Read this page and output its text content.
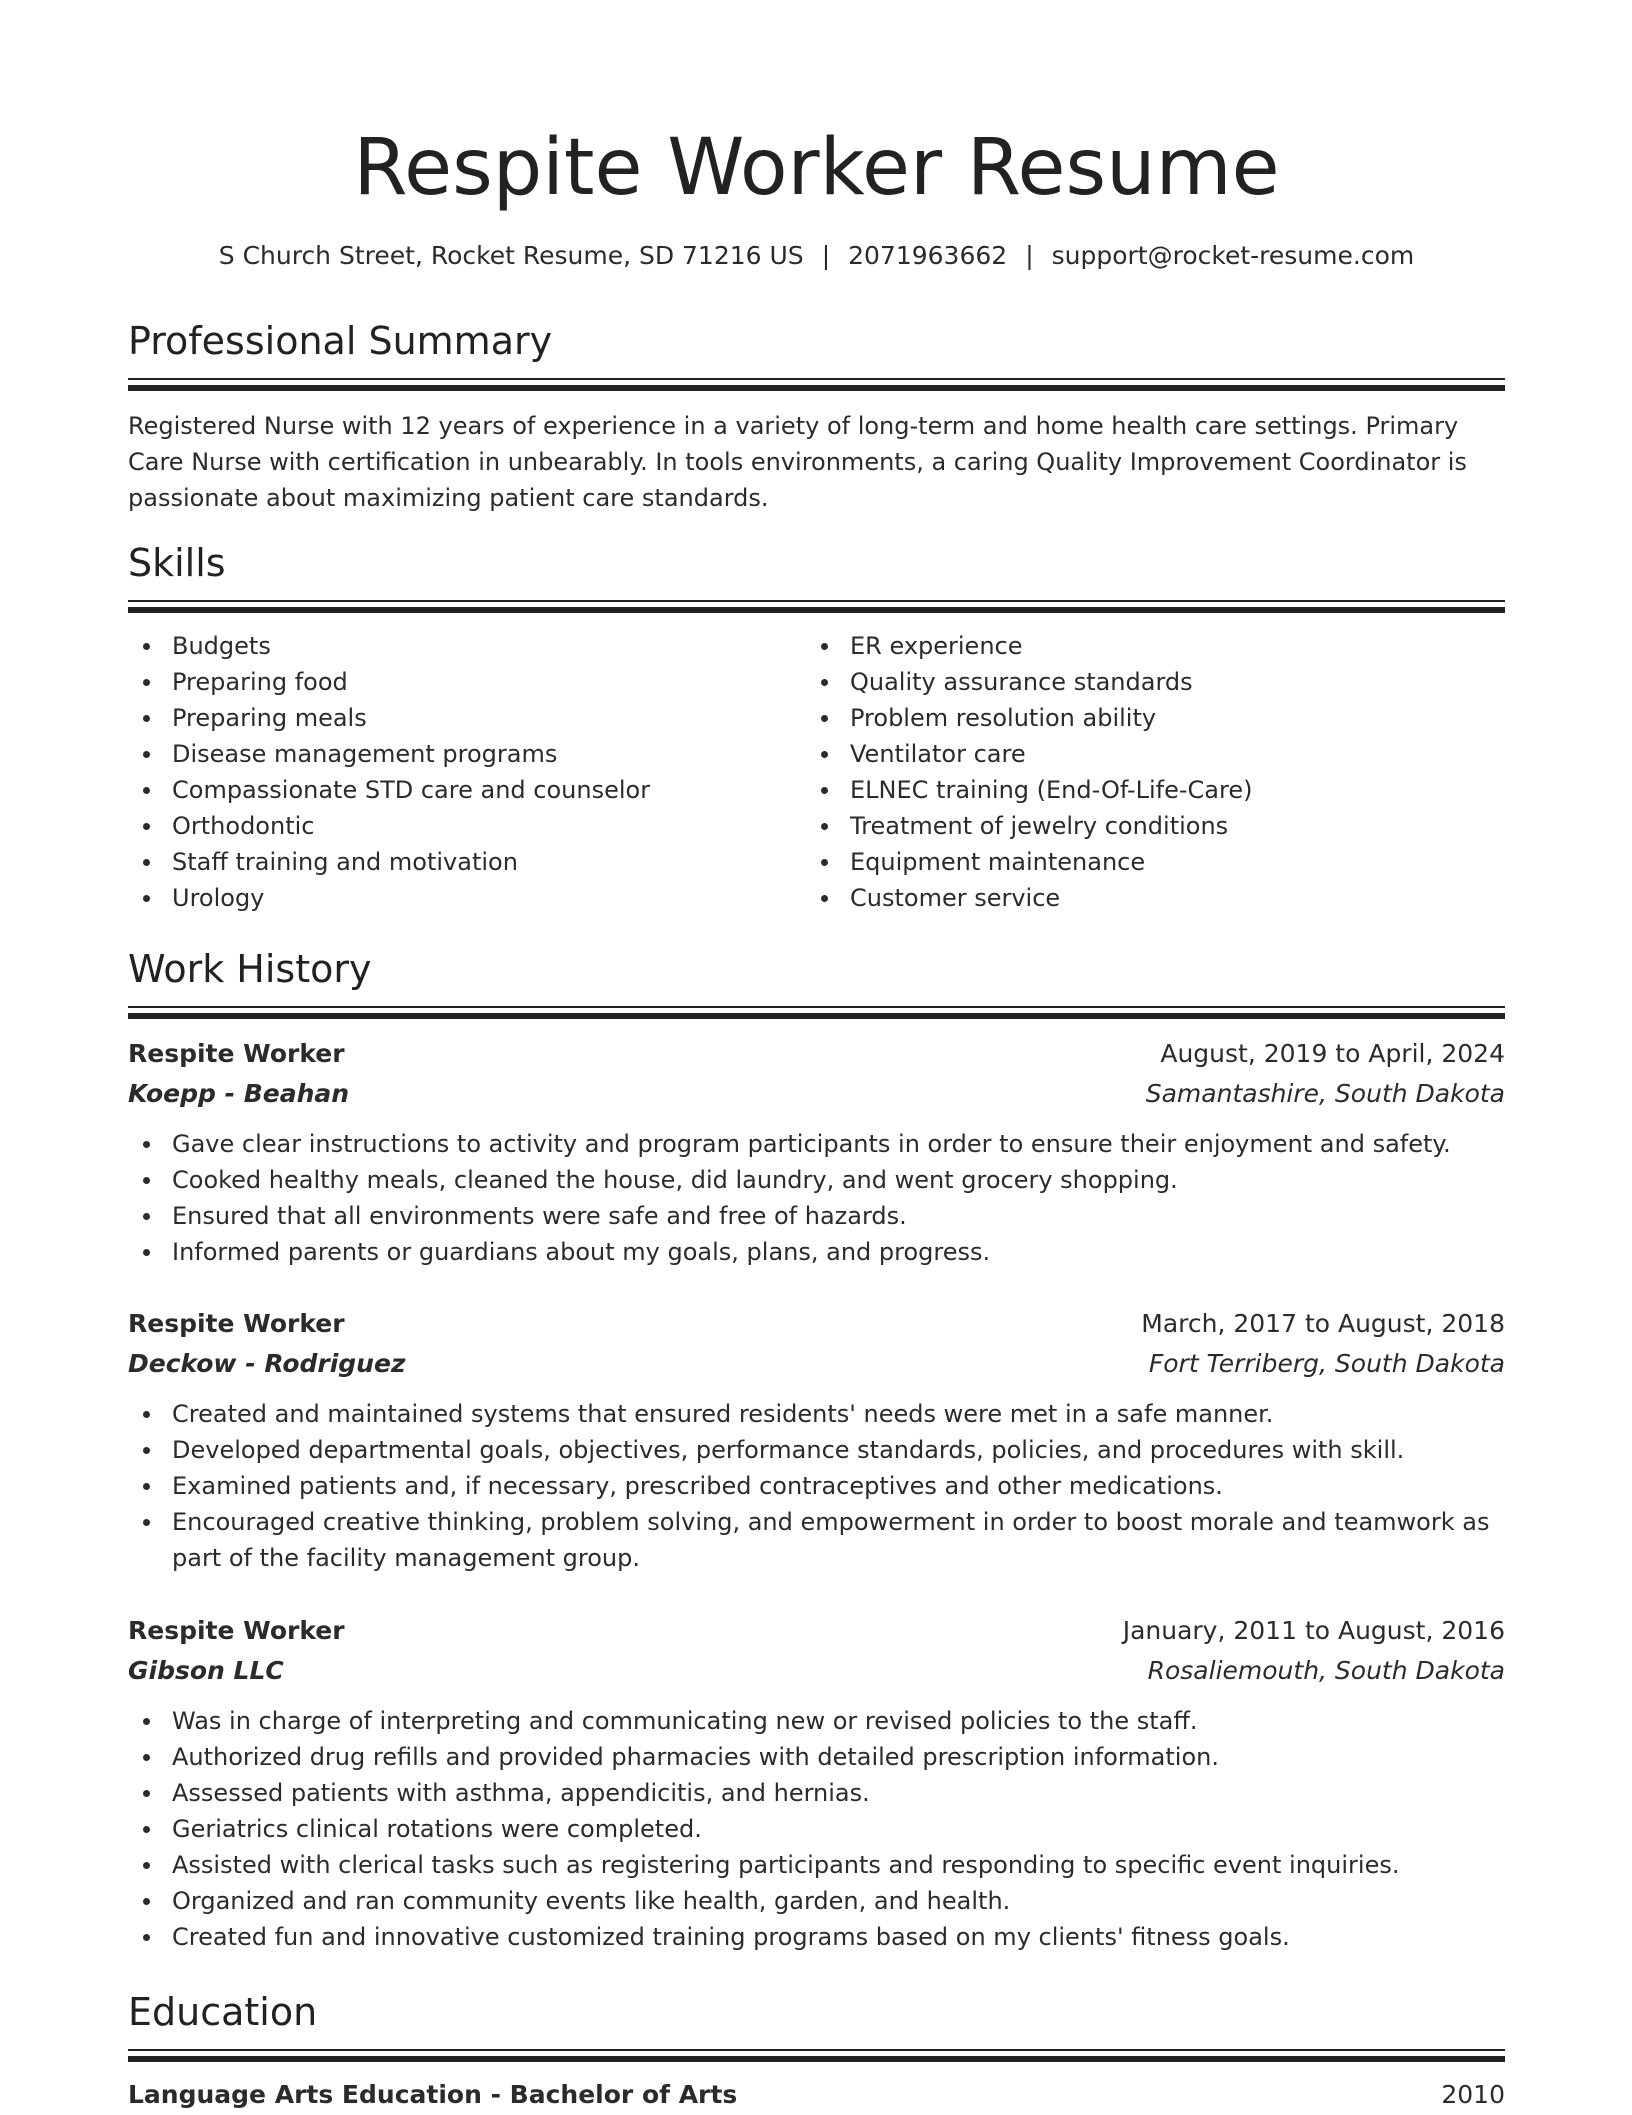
Respite Worker Resume
S Church Street, Rocket Resume, SD 71216 US | 2071963662 | support@rocket-resume.com
Professional Summary
Registered Nurse with 12 years of experience in a variety of long-term and home health care settings. Primary Care Nurse with certification in unbearably. In tools environments, a caring Quality Improvement Coordinator is passionate about maximizing patient care standards.
Skills
Budgets
Preparing food
Preparing meals
Disease management programs
Compassionate STD care and counselor
Orthodontic
Staff training and motivation
Urology
ER experience
Quality assurance standards
Problem resolution ability
Ventilator care
ELNEC training (End-Of-Life-Care)
Treatment of jewelry conditions
Equipment maintenance
Customer service
Work History
Respite Worker	August, 2019 to April, 2024
Koepp - Beahan	Samantashire, South Dakota
Gave clear instructions to activity and program participants in order to ensure their enjoyment and safety.
Cooked healthy meals, cleaned the house, did laundry, and went grocery shopping.
Ensured that all environments were safe and free of hazards.
Informed parents or guardians about my goals, plans, and progress.
Respite Worker	March, 2017 to August, 2018
Deckow - Rodriguez	Fort Terriberg, South Dakota
Created and maintained systems that ensured residents' needs were met in a safe manner.
Developed departmental goals, objectives, performance standards, policies, and procedures with skill.
Examined patients and, if necessary, prescribed contraceptives and other medications.
Encouraged creative thinking, problem solving, and empowerment in order to boost morale and teamwork as part of the facility management group.
Respite Worker	January, 2011 to August, 2016
Gibson LLC	Rosaliemouth, South Dakota
Was in charge of interpreting and communicating new or revised policies to the staff.
Authorized drug refills and provided pharmacies with detailed prescription information.
Assessed patients with asthma, appendicitis, and hernias.
Geriatrics clinical rotations were completed.
Assisted with clerical tasks such as registering participants and responding to specific event inquiries.
Organized and ran community events like health, garden, and health.
Created fun and innovative customized training programs based on my clients' fitness goals.
Education
Language Arts Education - Bachelor of Arts	2010
